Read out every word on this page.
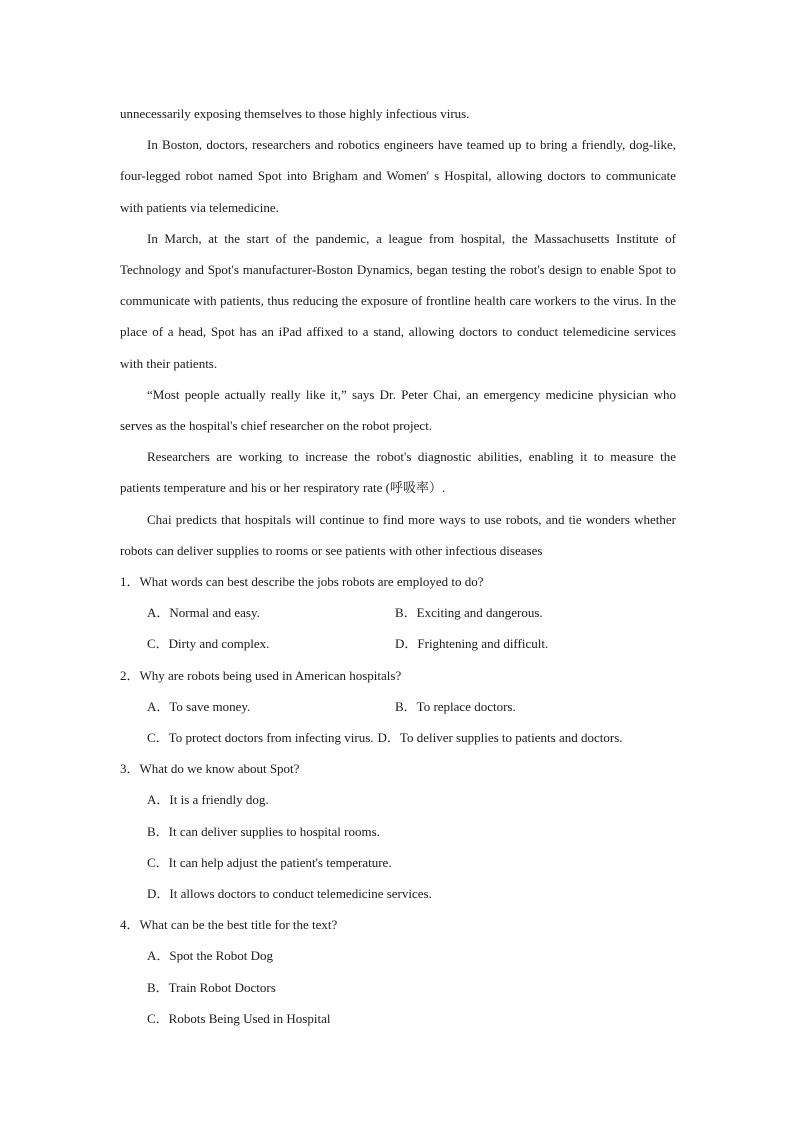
unnecessarily exposing themselves to those highly infectious virus.

In Boston, doctors, researchers and robotics engineers have teamed up to bring a friendly, dog-like, four-legged robot named Spot into Brigham and Women' s Hospital, allowing doctors to communicate with patients via telemedicine.

In March, at the start of the pandemic, a league from hospital, the Massachusetts Institute of Technology and Spot's manufacturer-Boston Dynamics, began testing the robot's design to enable Spot to communicate with patients, thus reducing the exposure of frontline health care workers to the virus. In the place of a head, Spot has an iPad affixed to a stand, allowing doctors to conduct telemedicine services with their patients.

“Most people actually really like it,” says Dr. Peter Chai, an emergency medicine physician who serves as the hospital's chief researcher on the robot project.

Researchers are working to increase the robot's diagnostic abilities, enabling it to measure the patients temperature and his or her respiratory rate (呼吸率）.

Chai predicts that hospitals will continue to find more ways to use robots, and tie wonders whether robots can deliver supplies to rooms or see patients with other infectious diseases

1．What words can best describe the jobs robots are employed to do?

A．Normal and easy.	B．Exciting and dangerous.
C．Dirty and complex.	D．Frightening and difficult.

2．Why are robots being used in American hospitals?

A．To save money.	B．To replace doctors.
C．To protect doctors from infecting virus. D．To deliver supplies to patients and doctors.

3．What do we know about Spot?

A．It is a friendly dog.
B．It can deliver supplies to hospital rooms.
C．It can help adjust the patient's temperature.
D．It allows doctors to conduct telemedicine services.

4．What can be the best title for the text?

A．Spot the Robot Dog
B．Train Robot Doctors
C．Robots Being Used in Hospital
